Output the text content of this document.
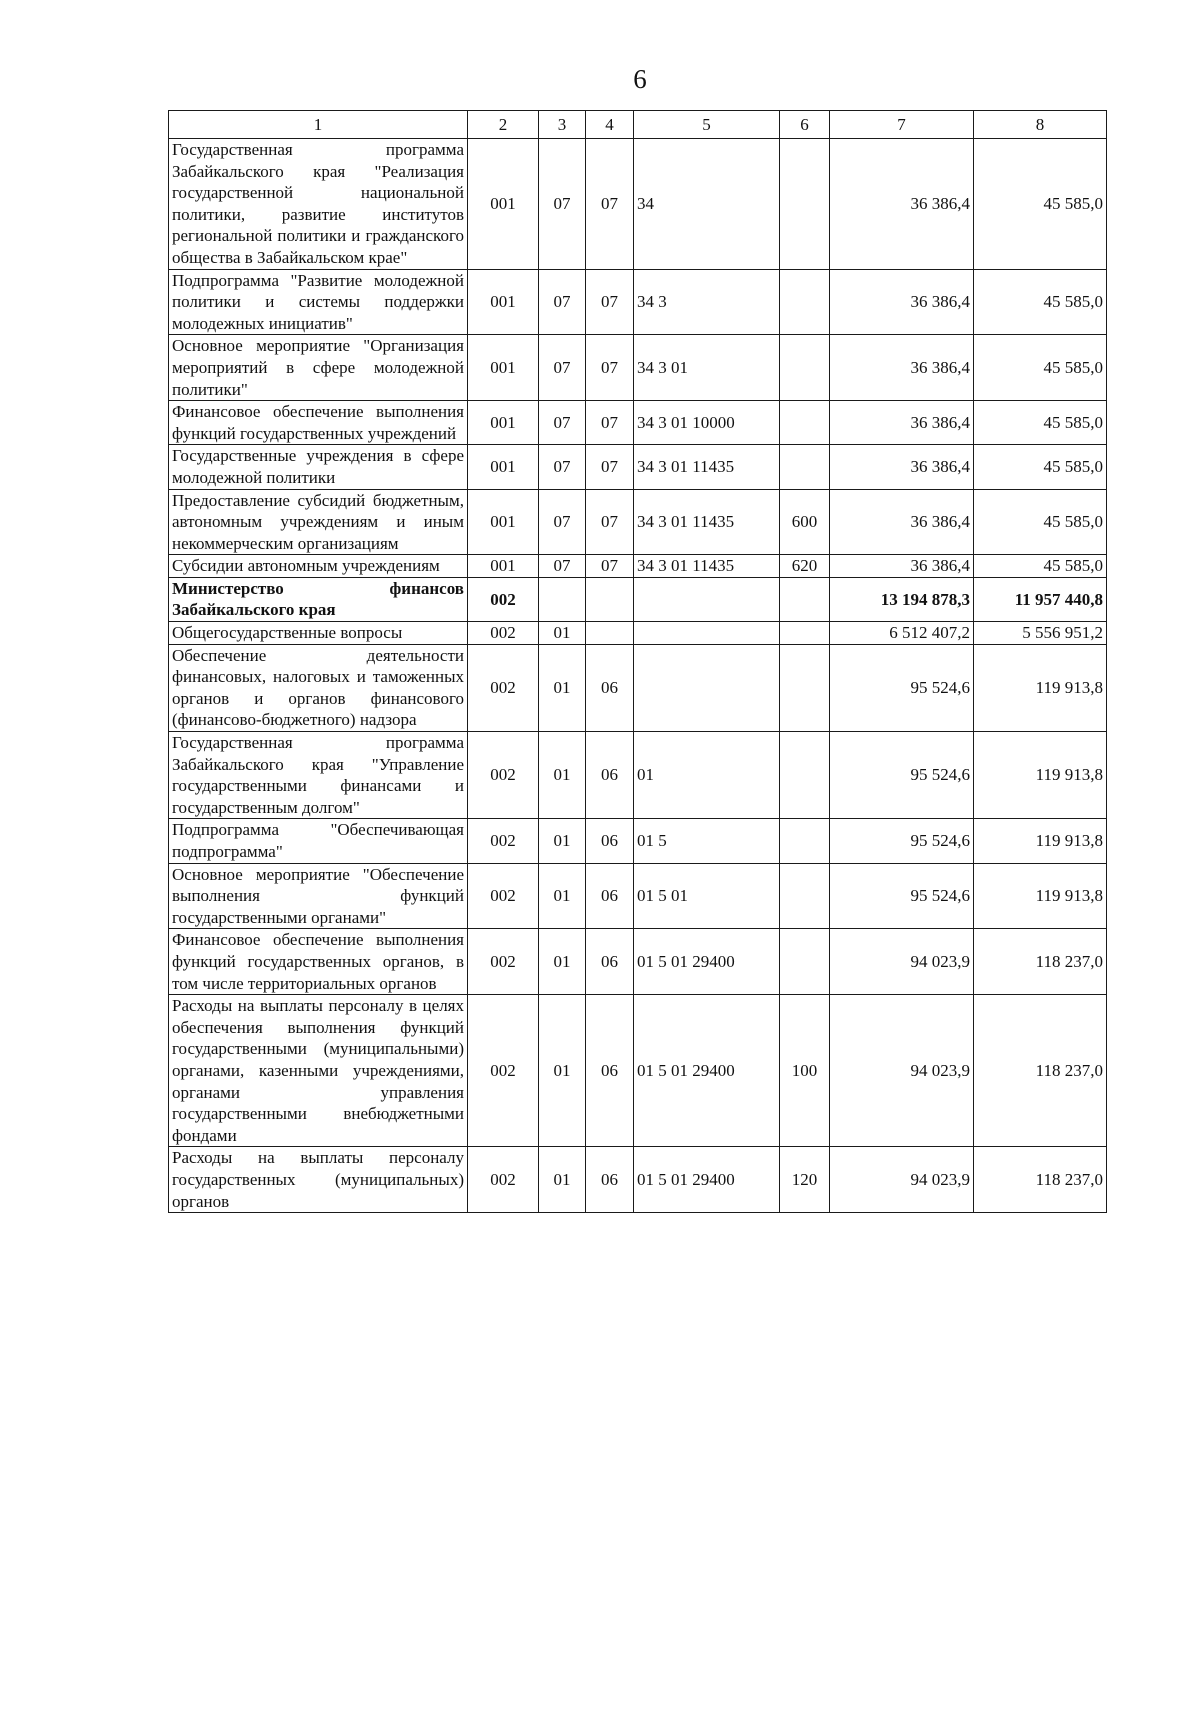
6
1	2	3	4	5	6	7	8
Государственная программа Забайкальского края "Реализация государственной национальной политики, развитие институтов региональной политики и гражданского общества в Забайкальском крае"	001	07	07	34		36 386,4	45 585,0
Подпрограмма "Развитие молодежной политики и системы поддержки молодежных инициатив"	001	07	07	34 3		36 386,4	45 585,0
Основное мероприятие "Организация мероприятий в сфере молодежной политики"	001	07	07	34 3 01		36 386,4	45 585,0
Финансовое обеспечение выполнения функций государственных учреждений	001	07	07	34 3 01 10000		36 386,4	45 585,0
Государственные учреждения в сфере молодежной политики	001	07	07	34 3 01 11435		36 386,4	45 585,0
Предоставление субсидий бюджетным, автономным учреждениям и иным некоммерческим организациям	001	07	07	34 3 01 11435	600	36 386,4	45 585,0
Субсидии автономным учреждениям	001	07	07	34 3 01 11435	620	36 386,4	45 585,0
Министерство финансов Забайкальского края	002					13 194 878,3	11 957 440,8
Общегосударственные вопросы	002	01				6 512 407,2	5 556 951,2
Обеспечение деятельности финансовых, налоговых и таможенных органов и органов финансового (финансово-бюджетного) надзора	002	01	06			95 524,6	119 913,8
Государственная программа Забайкальского края "Управление государственными финансами и государственным долгом"	002	01	06	01		95 524,6	119 913,8
Подпрограмма "Обеспечивающая подпрограмма"	002	01	06	01 5		95 524,6	119 913,8
Основное мероприятие "Обеспечение выполнения функций государственными органами"	002	01	06	01 5 01		95 524,6	119 913,8
Финансовое обеспечение выполнения функций государственных органов, в том числе территориальных органов	002	01	06	01 5 01 29400		94 023,9	118 237,0
Расходы на выплаты персоналу в целях обеспечения выполнения функций государственными (муниципальными) органами, казенными учреждениями, органами управления государственными внебюджетными фондами	002	01	06	01 5 01 29400	100	94 023,9	118 237,0
Расходы на выплаты персоналу государственных (муниципальных) органов	002	01	06	01 5 01 29400	120	94 023,9	118 237,0
